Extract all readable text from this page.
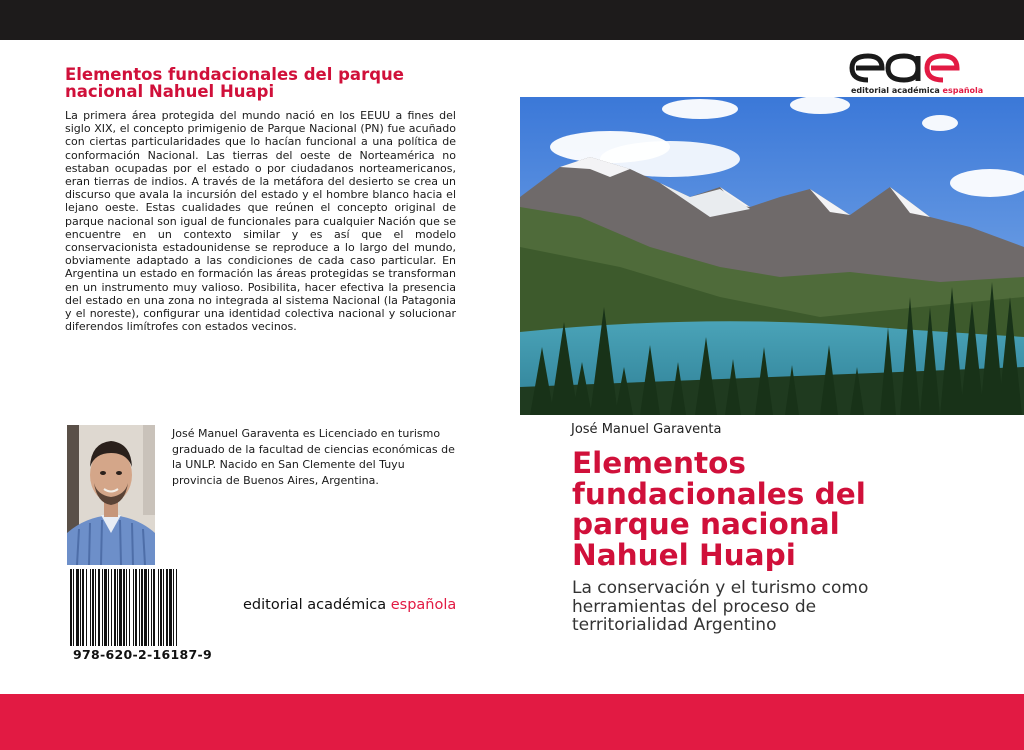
Elementos fundacionales del parque nacional Nahuel Huapi

La primera área protegida del mundo nació en los EEUU a fines del siglo XIX, el concepto primigenio de Parque Nacional (PN) fue acuñado con ciertas particularidades que lo hacían funcional a una política de conformación Nacional. Las tierras del oeste de Norteamérica no estaban ocupadas por el estado o por ciudadanos norteamericanos, eran tierras de indios. A través de la metáfora del desierto se crea un discurso que avala la incursión del estado y el hombre blanco hacia el lejano oeste. Estas cualidades que reúnen el concepto original de parque nacional son igual de funcionales para cualquier Nación que se encuentre en un contexto similar y es así que el modelo conservacionista estadounidense se reproduce a lo largo del mundo, obviamente adaptado a las condiciones de cada caso particular. En Argentina un estado en formación las áreas protegidas se transforman en un instrumento muy valioso. Posibilita, hacer efectiva la presencia del estado en una zona no integrada al sistema Nacional (la Patagonia y el noreste), configurar una identidad colectiva nacional y solucionar diferendos limítrofes con estados vecinos.

José Manuel Garaventa es Licenciado en turismo graduado de la facultad de ciencias económicas de la UNLP. Nacido en San Clemente del Tuyu provincia de Buenos Aires, Argentina.

978-620-2-16187-9
editorial académica española
editorial académica española
José Manuel Garaventa
Elementos fundacionales del parque nacional Nahuel Huapi

La conservación y el turismo como herramientas del proceso de territorialidad Argentino
